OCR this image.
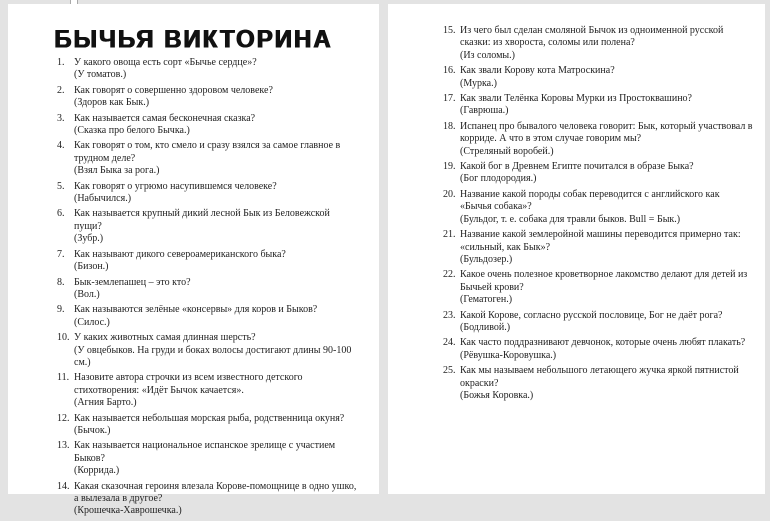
БЫЧЬЯ ВИКТОРИНА
1. У какого овоща есть сорт «Бычье сердце»?
(У томатов.)
2. Как говорят о совершенно здоровом человеке?
(Здоров как Бык.)
3. Как называется самая бесконечная сказка?
(Сказка про белого Бычка.)
4. Как говорят о том, кто смело и сразу взялся за самое главное в трудном деле?
(Взял Быка за рога.)
5. Как говорят о угрюмо насупившемся человеке?
(Набычился.)
6. Как называется крупный дикий лесной Бык из Беловежской пущи?
(Зубр.)
7. Как называют дикого североамериканского быка?
(Бизон.)
8. Бык-землепашец – это кто?
(Вол.)
9. Как называются зелёные «консервы» для коров и Быков?
(Силос.)
10. У каких животных самая длинная шерсть?
(У овцебыков. На груди и боках волосы достигают длины 90-100 см.)
11. Назовите автора строчки из всем известного детского стихотворения: «Идёт Бычок качается».
(Агния Барто.)
12. Как называется небольшая морская рыба, родственница окуня?
(Бычок.)
13. Как называется национальное испанское зрелище с участием Быков?
(Коррида.)
14. Какая сказочная героиня влезала Корове-помощнице в одно ушко, а вылезала в другое?
(Крошечка-Хаврошечка.)
15. Из чего был сделан смоляной Бычок из одноименной русской сказки: из хвороста, соломы или полена?
(Из соломы.)
16. Как звали Корову кота Матроскина?
(Мурка.)
17. Как звали Телёнка Коровы Мурки из Простоквашино?
(Гаврюша.)
18. Испанец про бывалого человека говорит: Бык, который участвовал в корриде. А что в этом случае говорим мы?
(Стреляный воробей.)
19. Какой бог в Древнем Египте почитался в образе Быка?
(Бог плодородия.)
20. Название какой породы собак переводится с английского как «Бычья собака»?
(Бульдог, т. е. собака для травли быков. Bull = Бык.)
21. Название какой землеройной машины переводится примерно так: «сильный, как Бык»?
(Бульдозер.)
22. Какое очень полезное кроветворное лакомство делают для детей из Бычьей крови?
(Гематоген.)
23. Какой Корове, согласно русской пословице, Бог не даёт рога?
(Бодливой.)
24. Как часто поддразнивают девчонок, которые очень любят плакать?
(Рёвушка-Коровушка.)
25. Как мы называем небольшого летающего жучка яркой пятнистой окраски?
(Божья Коровка.)
